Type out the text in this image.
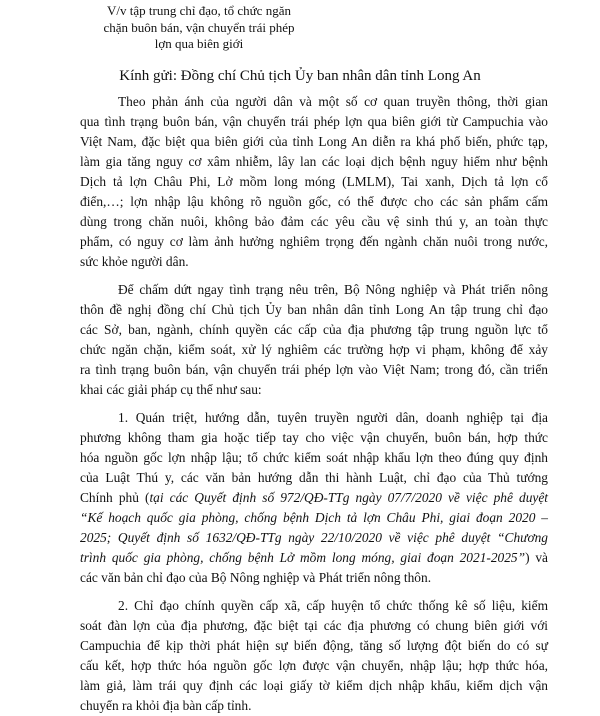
V/v tập trung chỉ đạo, tổ chức ngăn
chặn buôn bán, vận chuyển trái phép
lợn qua biên giới
Kính gửi: Đồng chí Chủ tịch Ủy ban nhân dân tỉnh Long An
Theo phản ánh của người dân và một số cơ quan truyền thông, thời gian
qua tình trạng buôn bán, vận chuyển trái phép lợn qua biên giới từ Campuchia vào
Việt Nam, đặc biệt qua biên giới của tỉnh Long An diễn ra khá phổ biến, phức tạp,
làm gia tăng nguy cơ xâm nhiễm, lây lan các loại dịch bệnh nguy hiểm như bệnh
Dịch tả lợn Châu Phi, Lở mồm long móng (LMLM), Tai xanh, Dịch tả lợn cổ
điển,…; lợn nhập lậu không rõ nguồn gốc, có thể được cho các sản phẩm cấm
dùng trong chăn nuôi, không bảo đảm các yêu cầu vệ sinh thú y, an toàn thực
phẩm, có nguy cơ làm ảnh hưởng nghiêm trọng đến ngành chăn nuôi trong nước,
sức khỏe người dân.
Để chấm dứt ngay tình trạng nêu trên, Bộ Nông nghiệp và Phát triển nông
thôn đề nghị đồng chí Chủ tịch Ủy ban nhân dân tỉnh Long An tập trung chỉ đạo
các Sở, ban, ngành, chính quyền các cấp của địa phương tập trung nguồn lực tổ
chức ngăn chặn, kiểm soát, xử lý nghiêm các trường hợp vi phạm, không để xảy
ra tình trạng buôn bán, vận chuyển trái phép lợn vào Việt Nam; trong đó, cần triển
khai các giải pháp cụ thể như sau:
1. Quán triệt, hướng dẫn, tuyên truyền người dân, doanh nghiệp tại địa
phương không tham gia hoặc tiếp tay cho việc vận chuyển, buôn bán, hợp thức
hóa nguồn gốc lợn nhập lậu; tổ chức kiểm soát nhập khẩu lợn theo đúng quy định
của Luật Thú y, các văn bản hướng dẫn thi hành Luật, chỉ đạo của Thủ tướng
Chính phủ (tại các Quyết định số 972/QĐ-TTg ngày 07/7/2020 về việc phê duyệt
“Kế hoạch quốc gia phòng, chống bệnh Dịch tả lợn Châu Phi, giai đoạn 2020 –
2025; Quyết định số 1632/QĐ-TTg ngày 22/10/2020 về việc phê duyệt “Chương
trình quốc gia phòng, chống bệnh Lở mồm long móng, giai đoạn 2021-2025”) và
các văn bản chỉ đạo của Bộ Nông nghiệp và Phát triển nông thôn.
2. Chỉ đạo chính quyền cấp xã, cấp huyện tổ chức thống kê số liệu, kiểm
soát đàn lợn của địa phương, đặc biệt tại các địa phương có chung biên giới với
Campuchia để kịp thời phát hiện sự biến động, tăng số lượng đột biến do có sự
cấu kết, hợp thức hóa nguồn gốc lợn được vận chuyển, nhập lậu; hợp thức hóa,
làm giả, làm trái quy định các loại giấy tờ kiểm dịch nhập khẩu, kiểm dịch vận
chuyển ra khỏi địa bàn cấp tỉnh.
